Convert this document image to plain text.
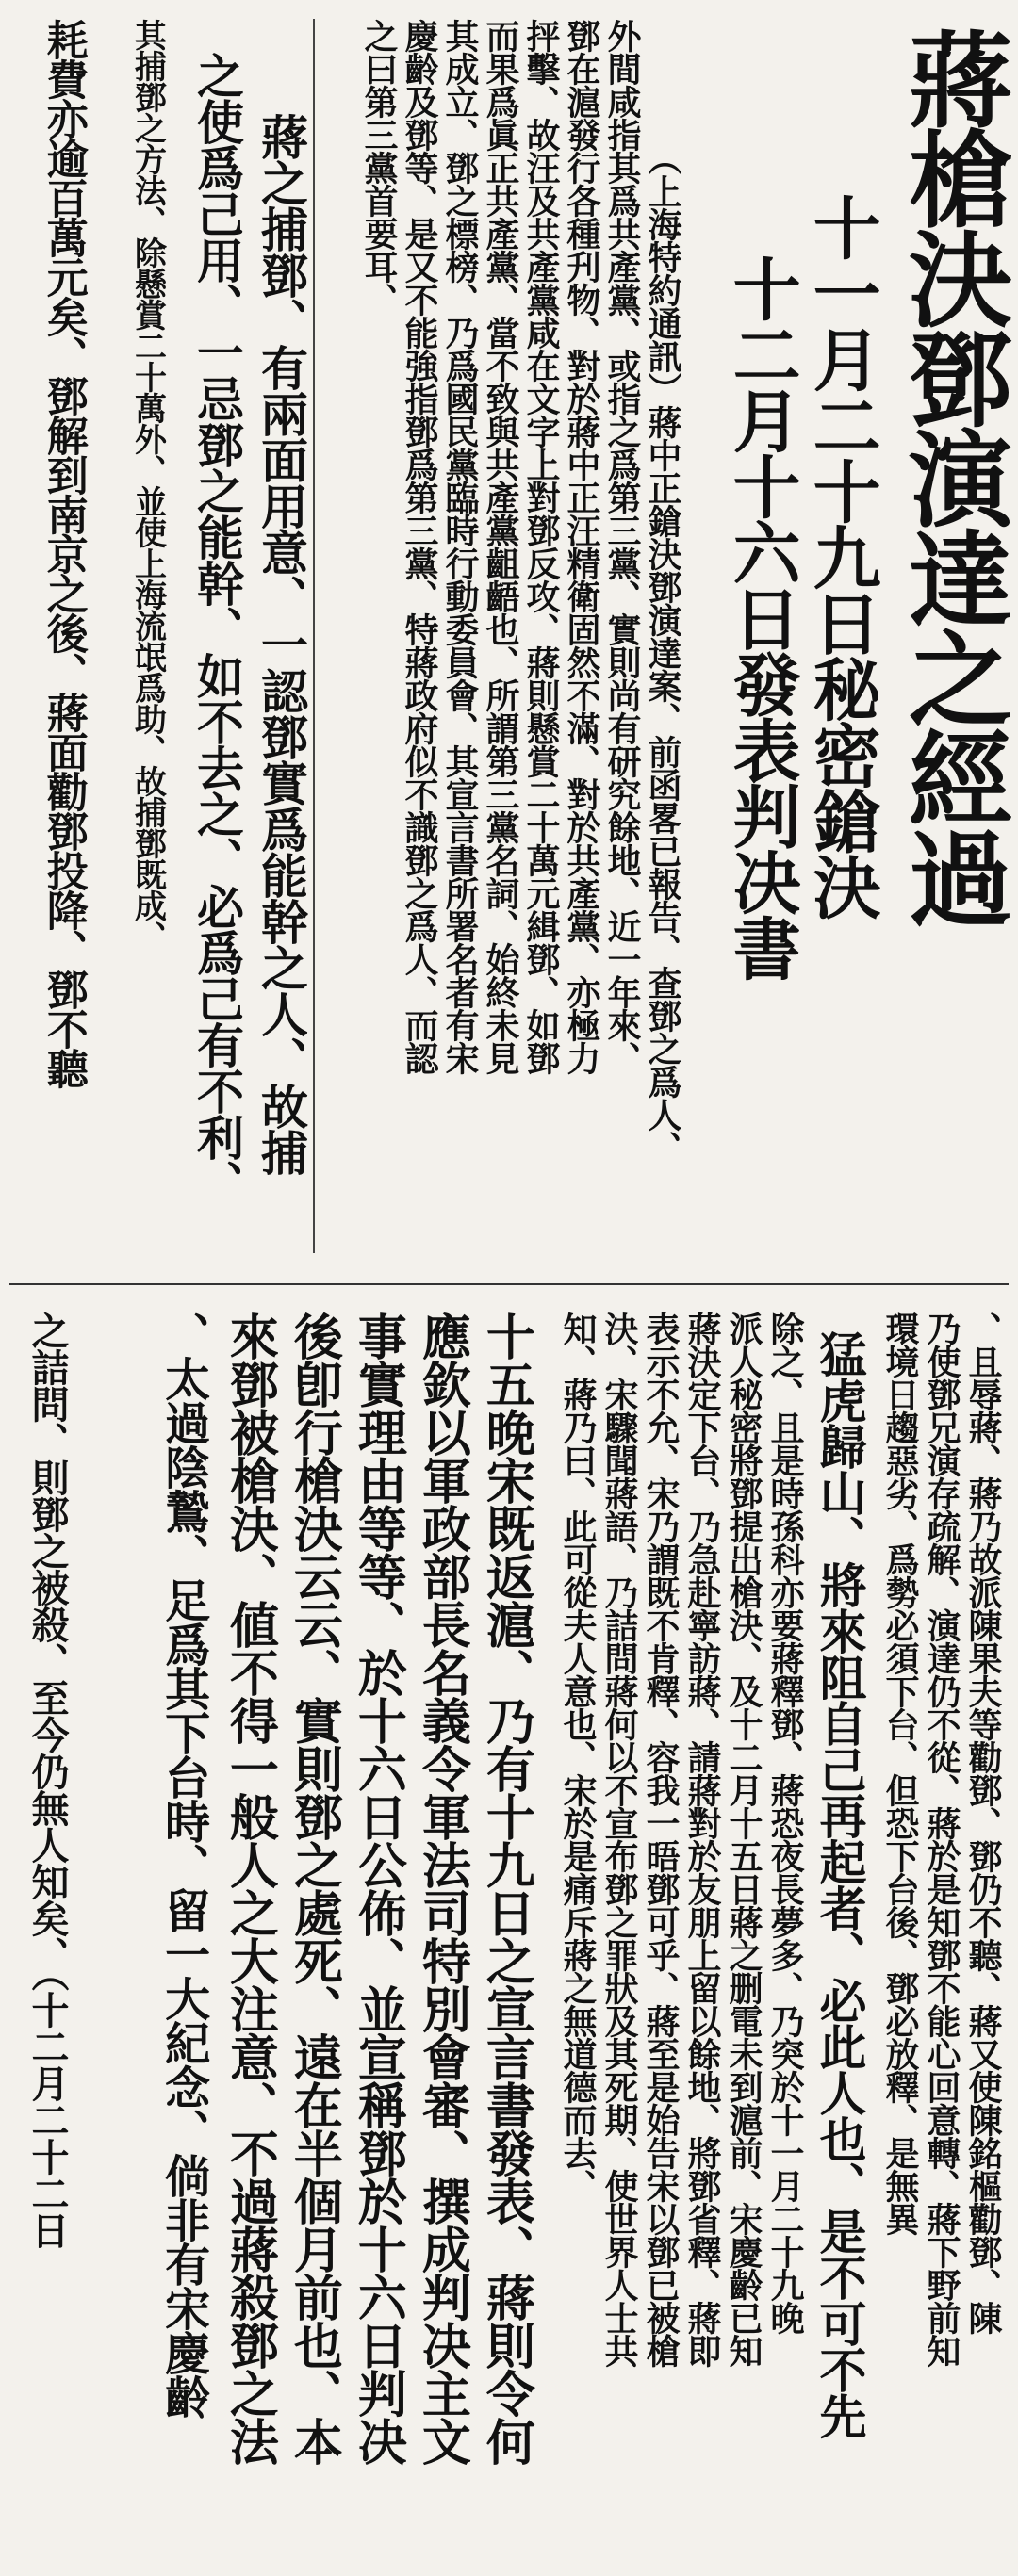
蔣槍決鄧演達之經過

十一月二十九日秘密鎗決

十二月十六日發表判决書

（上海特約通訊）蔣中正鎗決鄧演達案、前函畧已報告、查鄧之爲人、

外間咸指其爲共產黨、或指之爲第三黨、實則尚有研究餘地、近一年來、

鄧在滬發行各種刋物、對於蔣中正汪精衛固然不滿、對於共產黨、亦極力

抨擊、故汪及共產黨咸在文字上對鄧反攻、蔣則懸賞二十萬元緝鄧、如鄧

而果爲眞正共產黨、當不致與共產黨齟齬也、所謂第三黨名詞、始終未見

其成立、鄧之標榜、乃爲國民黨臨時行動委員會、其宣言書所署名者有宋

慶齡及鄧等、是又不能強指鄧爲第三黨、特蔣政府似不識鄧之爲人、而認

之曰第三黨首要耳、

蔣之捕鄧、有兩面用意、一認鄧實爲能幹之人、故捕

之使爲己用、一忌鄧之能幹、如不去之、必爲己有不利、

其捕鄧之方法、除懸賞二十萬外、並使上海流氓爲助、故捕鄧既成、

耗費亦逾百萬元矣、鄧解到南京之後、蔣面勸鄧投降、鄧不聽

、且辱蔣、蔣乃故派陳果夫等勸鄧、鄧仍不聽、蔣又使陳銘樞勸鄧、陳

乃使鄧兄演存疏解、演達仍不從、蔣於是知鄧不能心回意轉、蔣下野前知

環境日趨惡劣、爲勢必須下台、但恐下台後、鄧必放釋、是無異

猛虎歸山、將來阻自己再起者、必此人也、是不可不先

除之、且是時孫科亦要蔣釋鄧、蔣恐夜長夢多、乃突於十一月二十九晚

派人秘密將鄧提出槍決、及十二月十五日蔣之删電未到滬前、宋慶齡已知

蔣決定下台、乃急赴寧訪蔣、請蔣對於友朋上留以餘地、將鄧省釋、蔣即

表示不允、宋乃謂既不肯釋、容我一晤鄧可乎、蔣至是始告宋以鄧已被槍

決、宋驟聞蔣語、乃詰問蔣何以不宣布鄧之罪狀及其死期、使世界人士共

知、蔣乃曰、此可從夫人意也、宋於是痛斥蔣之無道德而去、

十五晚宋既返滬、乃有十九日之宣言書發表、蔣則令何

應欽以軍政部長名義令軍法司特別會審、撰成判决主文

事實理由等等、於十六日公佈、並宣稱鄧於十六日判决

後卽行槍決云云、實則鄧之處死、遠在半個月前也、本

來鄧被槍決、値不得一般人之大注意、不過蔣殺鄧之法

、太過陰鷙、足爲其下台時、留一大紀念、倘非有宋慶齡

之詰問、則鄧之被殺、至今仍無人知矣、（十二月二十二日
